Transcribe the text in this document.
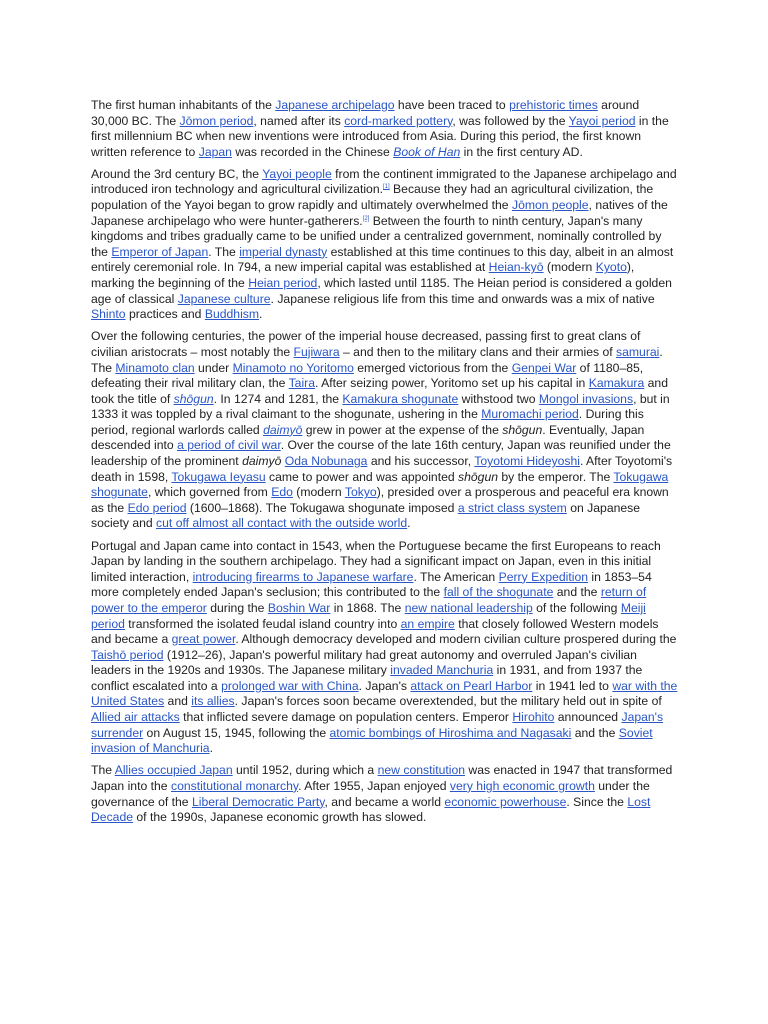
The first human inhabitants of the Japanese archipelago have been traced to prehistoric times around 30,000 BC. The Jōmon period, named after its cord-marked pottery, was followed by the Yayoi period in the first millennium BC when new inventions were introduced from Asia. During this period, the first known written reference to Japan was recorded in the Chinese Book of Han in the first century AD.

Around the 3rd century BC, the Yayoi people from the continent immigrated to the Japanese archipelago and introduced iron technology and agricultural civilization.[1] Because they had an agricultural civilization, the population of the Yayoi began to grow rapidly and ultimately overwhelmed the Jōmon people, natives of the Japanese archipelago who were hunter-gatherers.[2] Between the fourth to ninth century, Japan's many kingdoms and tribes gradually came to be unified under a centralized government, nominally controlled by the Emperor of Japan. The imperial dynasty established at this time continues to this day, albeit in an almost entirely ceremonial role. In 794, a new imperial capital was established at Heian-kyō (modern Kyoto), marking the beginning of the Heian period, which lasted until 1185. The Heian period is considered a golden age of classical Japanese culture. Japanese religious life from this time and onwards was a mix of native Shinto practices and Buddhism.

Over the following centuries, the power of the imperial house decreased, passing first to great clans of civilian aristocrats – most notably the Fujiwara – and then to the military clans and their armies of samurai. The Minamoto clan under Minamoto no Yoritomo emerged victorious from the Genpei War of 1180–85, defeating their rival military clan, the Taira. After seizing power, Yoritomo set up his capital in Kamakura and took the title of shōgun. In 1274 and 1281, the Kamakura shogunate withstood two Mongol invasions, but in 1333 it was toppled by a rival claimant to the shogunate, ushering in the Muromachi period. During this period, regional warlords called daimyō grew in power at the expense of the shōgun. Eventually, Japan descended into a period of civil war. Over the course of the late 16th century, Japan was reunified under the leadership of the prominent daimyō Oda Nobunaga and his successor, Toyotomi Hideyoshi. After Toyotomi's death in 1598, Tokugawa Ieyasu came to power and was appointed shōgun by the emperor. The Tokugawa shogunate, which governed from Edo (modern Tokyo), presided over a prosperous and peaceful era known as the Edo period (1600–1868). The Tokugawa shogunate imposed a strict class system on Japanese society and cut off almost all contact with the outside world.

Portugal and Japan came into contact in 1543, when the Portuguese became the first Europeans to reach Japan by landing in the southern archipelago. They had a significant impact on Japan, even in this initial limited interaction, introducing firearms to Japanese warfare. The American Perry Expedition in 1853–54 more completely ended Japan's seclusion; this contributed to the fall of the shogunate and the return of power to the emperor during the Boshin War in 1868. The new national leadership of the following Meiji period transformed the isolated feudal island country into an empire that closely followed Western models and became a great power. Although democracy developed and modern civilian culture prospered during the Taishō period (1912–26), Japan's powerful military had great autonomy and overruled Japan's civilian leaders in the 1920s and 1930s. The Japanese military invaded Manchuria in 1931, and from 1937 the conflict escalated into a prolonged war with China. Japan's attack on Pearl Harbor in 1941 led to war with the United States and its allies. Japan's forces soon became overextended, but the military held out in spite of Allied air attacks that inflicted severe damage on population centers. Emperor Hirohito announced Japan's surrender on August 15, 1945, following the atomic bombings of Hiroshima and Nagasaki and the Soviet invasion of Manchuria.

The Allies occupied Japan until 1952, during which a new constitution was enacted in 1947 that transformed Japan into the constitutional monarchy. After 1955, Japan enjoyed very high economic growth under the governance of the Liberal Democratic Party, and became a world economic powerhouse. Since the Lost Decade of the 1990s, Japanese economic growth has slowed.
